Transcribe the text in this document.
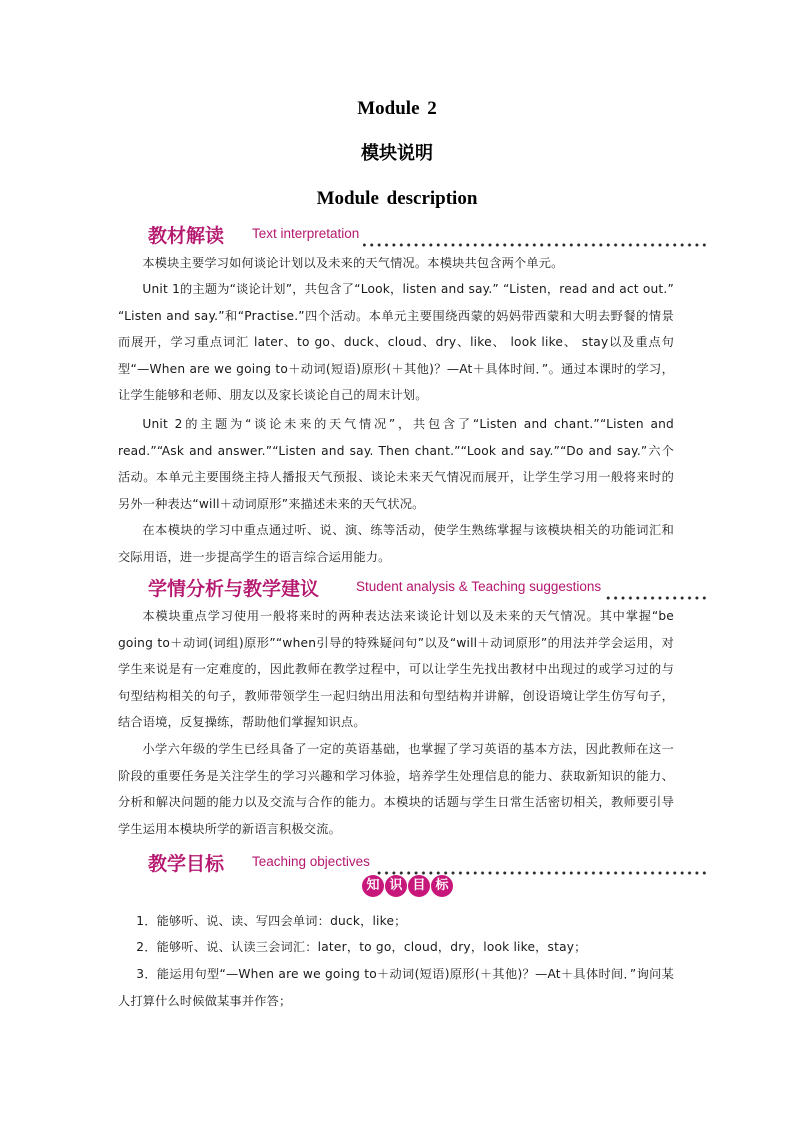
Module 2
模块说明
Module description
教材解读 Text interpretation

本模块主要学习如何谈论计划以及未来的天气情况。本模块共包含两个单元。

Unit 1的主题为“谈论计划”，共包含了“Look，listen and say.” “Listen，read and act out.” “Listen and say.”和“Practise.”四个活动。本单元主要围绕西蒙的妈妈带西蒙和大明去野餐的情景而展开，学习重点词汇 later、to go、duck、cloud、dry、like、 look like、 stay以及重点句型“—When are we going to＋动词(短语)原形(＋其他)？—At＋具体时间．”。通过本课时的学习，让学生能够和老师、朋友以及家长谈论自己的周末计划。

Unit 2的主题为“谈论未来的天气情况”，共包含了“Listen and chant.”“Listen and read.”“Ask and answer.”“Listen and say. Then chant.”“Look and say.”“Do and say.”六个活动。本单元主要围绕主持人播报天气预报、谈论未来天气情况而展开，让学生学习用一般将来时的另外一种表达“will＋动词原形”来描述未来的天气状况。

在本模块的学习中重点通过听、说、演、练等活动，使学生熟练掌握与该模块相关的功能词汇和交际用语，进一步提高学生的语言综合运用能力。

学情分析与教学建议	Student analysis & Teaching suggestions

本模块重点学习使用一般将来时的两种表达法来谈论计划以及未来的天气情况。其中掌握“be going to＋动词(词组)原形”“when引导的特殊疑问句”以及“will＋动词原形”的用法并学会运用，对学生来说是有一定难度的，因此教师在教学过程中，可以让学生先找出教材中出现过的或学习过的与句型结构相关的句子，教师带领学生一起归纳出用法和句型结构并讲解，创设语境让学生仿写句子，结合语境，反复操练，帮助他们掌握知识点。

小学六年级的学生已经具备了一定的英语基础，也掌握了学习英语的基本方法，因此教师在这一阶段的重要任务是关注学生的学习兴趣和学习体验，培养学生处理信息的能力、获取新知识的能力、分析和解决问题的能力以及交流与合作的能力。本模块的话题与学生日常生活密切相关，教师要引导学生运用本模块所学的新语言积极交流。

教学目标 Teaching objectives
知 识 目 标

1．能够听、说、读、写四会单词：duck，like；

2．能够听、说、认读三会词汇：later，to go，cloud，dry，look like，stay；

3．能运用句型“—When are we going to＋动词(短语)原形(＋其他)？—At＋具体时间．”询问某人打算什么时候做某事并作答；
